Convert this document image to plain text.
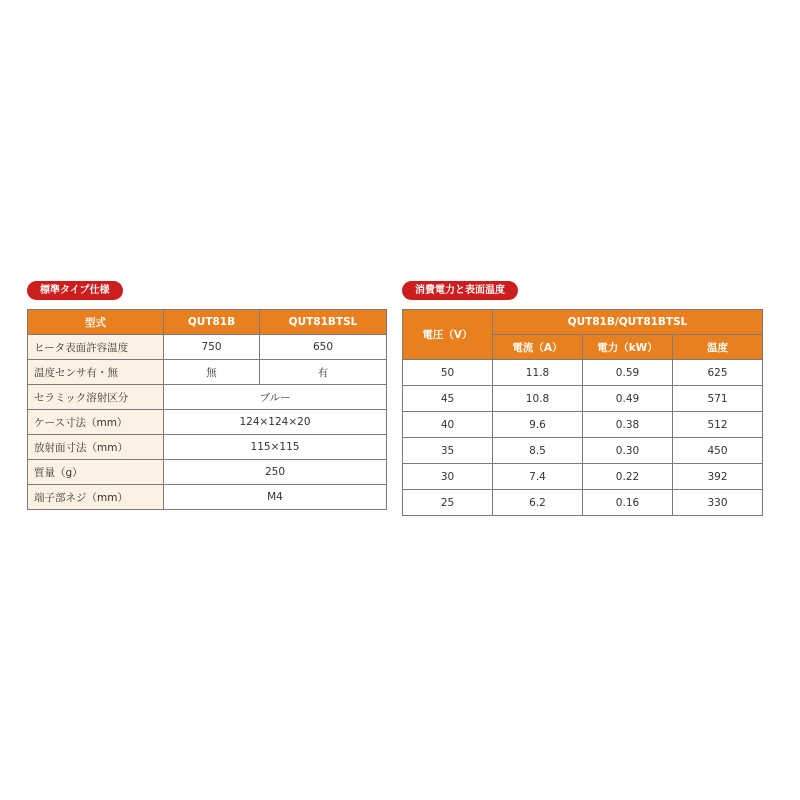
標準タイプ仕様
型式	QUT81B	QUT81BTSL
ヒータ表面許容温度	750	650
温度センサ有・無	無	有
セラミック溶射区分	ブルー	
ケース寸法（mm）	124×124×20	
放射面寸法（mm）	115×115	
質量（g）	250	
端子部ネジ（mm）	M4	
消費電力と表面温度
電圧（V）	QUT81B/QUT81BTSL		
	電流（A）	電力（kW）	温度
50	11.8	0.59	625
45	10.8	0.49	571
40	9.6	0.38	512
35	8.5	0.30	450
30	7.4	0.22	392
25	6.2	0.16	330
